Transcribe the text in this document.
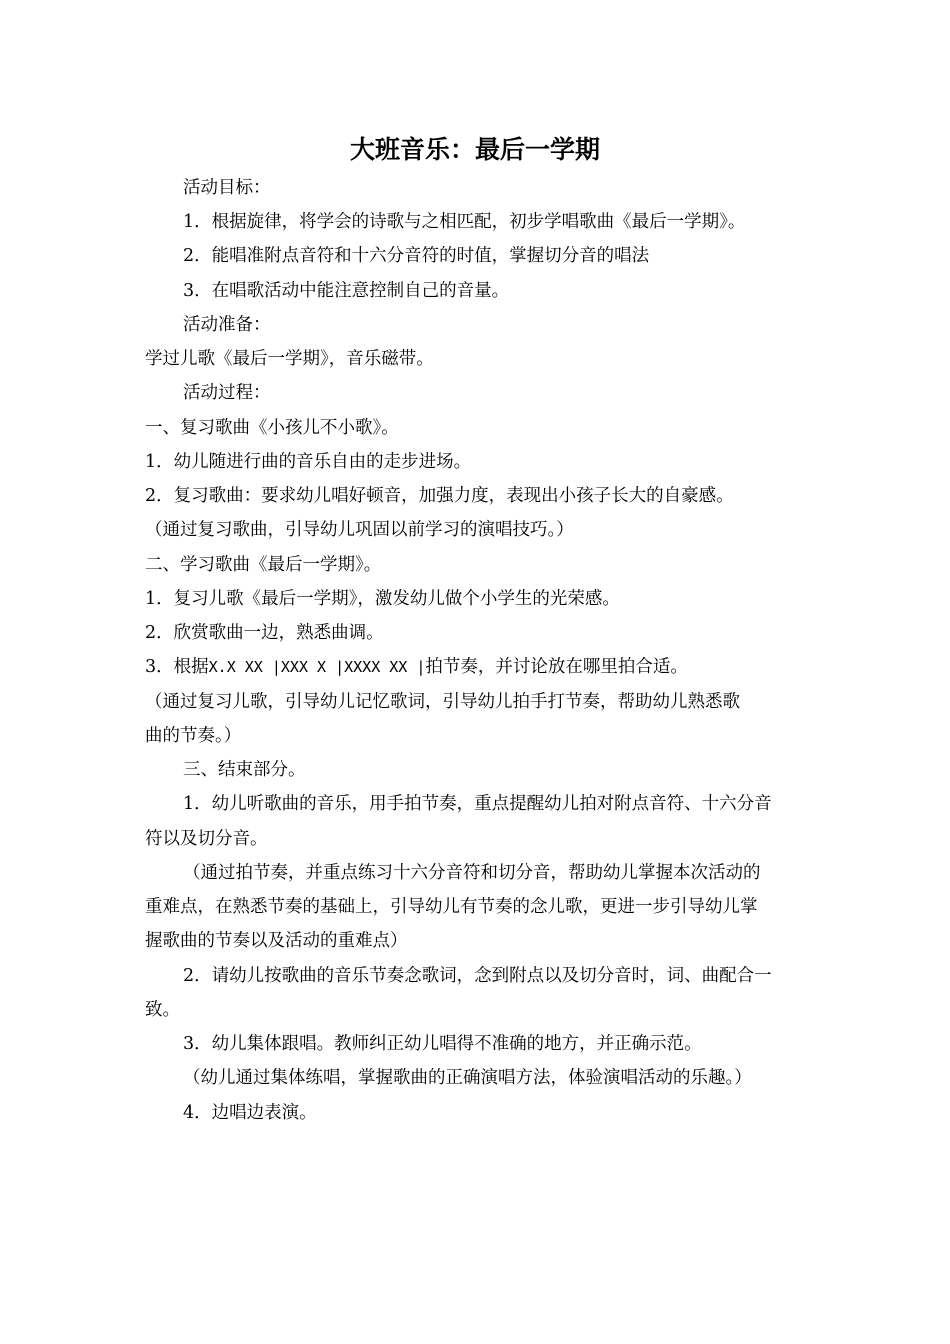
大班音乐：最后一学期

活动目标：

1．根据旋律，将学会的诗歌与之相匹配，初步学唱歌曲《最后一学期》。

2．能唱准附点音符和十六分音符的时值，掌握切分音的唱法

3．在唱歌活动中能注意控制自己的音量。

活动准备：

学过儿歌《最后一学期》，音乐磁带。

活动过程：

一、复习歌曲《小孩儿不小歌》。

1．幼儿随进行曲的音乐自由的走步进场。

2．复习歌曲：要求幼儿唱好顿音，加强力度，表现出小孩子长大的自豪感。

（通过复习歌曲，引导幼儿巩固以前学习的演唱技巧。）

二、学习歌曲《最后一学期》。

1．复习儿歌《最后一学期》，激发幼儿做个小学生的光荣感。

2．欣赏歌曲一边，熟悉曲调。

3．根据X.X XX |XXX X |XXXX XX |拍节奏，并讨论放在哪里拍合适。

（通过复习儿歌，引导幼儿记忆歌词，引导幼儿拍手打节奏，帮助幼儿熟悉歌

曲的节奏。）

三、结束部分。

1．幼儿听歌曲的音乐，用手拍节奏，重点提醒幼儿拍对附点音符、十六分音

符以及切分音。

（通过拍节奏，并重点练习十六分音符和切分音，帮助幼儿掌握本次活动的

重难点，在熟悉节奏的基础上，引导幼儿有节奏的念儿歌，更进一步引导幼儿掌

握歌曲的节奏以及活动的重难点）

2．请幼儿按歌曲的音乐节奏念歌词，念到附点以及切分音时，词、曲配合一

致。

3．幼儿集体跟唱。教师纠正幼儿唱得不准确的地方，并正确示范。

（幼儿通过集体练唱，掌握歌曲的正确演唱方法，体验演唱活动的乐趣。）

4．边唱边表演。
